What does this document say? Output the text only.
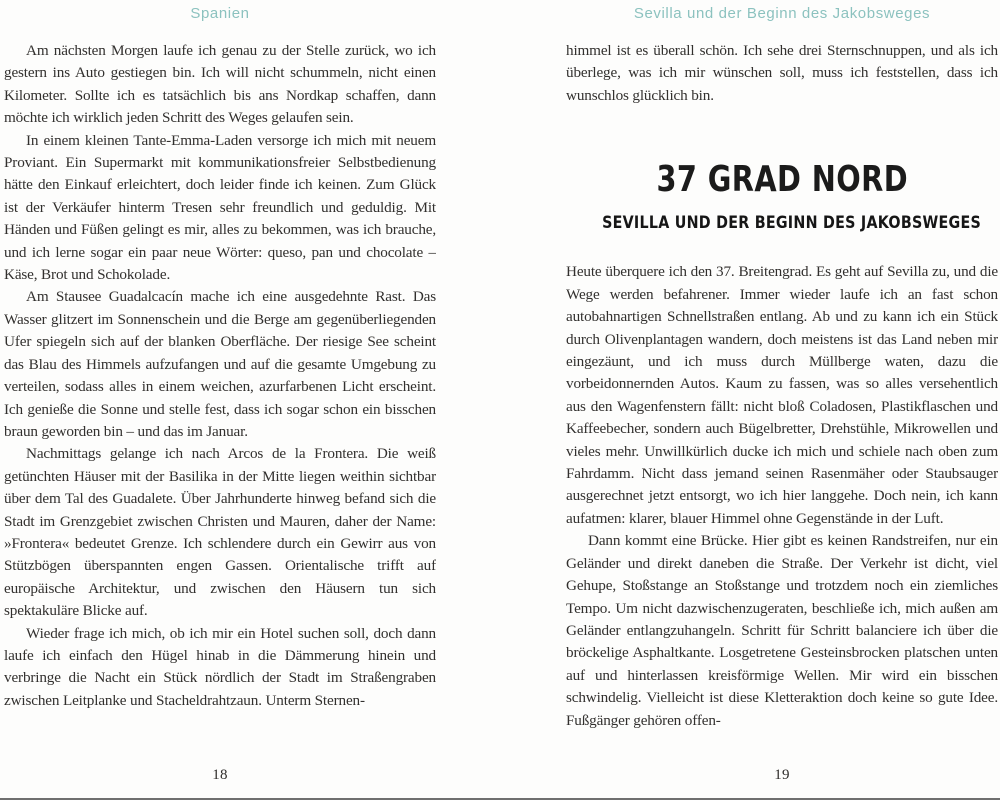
Spanien

Am nächsten Morgen laufe ich genau zu der Stelle zurück, wo ich gestern ins Auto gestiegen bin. Ich will nicht schummeln, nicht einen Kilometer. Sollte ich es tatsächlich bis ans Nordkap schaffen, dann möchte ich wirklich jeden Schritt des Weges gelaufen sein.

In einem kleinen Tante-Emma-Laden versorge ich mich mit neuem Proviant. Ein Supermarkt mit kommunikationsfreier Selbstbedienung hätte den Einkauf erleichtert, doch leider finde ich keinen. Zum Glück ist der Verkäufer hinterm Tresen sehr freundlich und geduldig. Mit Händen und Füßen gelingt es mir, alles zu bekommen, was ich brauche, und ich lerne sogar ein paar neue Wörter: queso, pan und chocolate – Käse, Brot und Schokolade.

Am Stausee Guadalcacín mache ich eine ausgedehnte Rast. Das Wasser glitzert im Sonnenschein und die Berge am gegenüberliegenden Ufer spiegeln sich auf der blanken Oberfläche. Der riesige See scheint das Blau des Himmels aufzufangen und auf die gesamte Umgebung zu verteilen, sodass alles in einem weichen, azurfarbenen Licht erscheint. Ich genieße die Sonne und stelle fest, dass ich sogar schon ein bisschen braun geworden bin – und das im Januar.

Nachmittags gelange ich nach Arcos de la Frontera. Die weiß getünchten Häuser mit der Basilika in der Mitte liegen weithin sichtbar über dem Tal des Guadalete. Über Jahrhunderte hinweg befand sich die Stadt im Grenzgebiet zwischen Christen und Mauren, daher der Name: »Frontera« bedeutet Grenze. Ich schlendere durch ein Gewirr aus von Stützbögen überspannten engen Gassen. Orientalische trifft auf europäische Architektur, und zwischen den Häusern tun sich spektakuläre Blicke auf.

Wieder frage ich mich, ob ich mir ein Hotel suchen soll, doch dann laufe ich einfach den Hügel hinab in die Dämmerung hinein und verbringe die Nacht ein Stück nördlich der Stadt im Straßengraben zwischen Leitplanke und Stacheldrahtzaun. Unterm Sternen-

18
Sevilla und der Beginn des Jakobsweges

himmel ist es überall schön. Ich sehe drei Sternschnuppen, und als ich überlege, was ich mir wünschen soll, muss ich feststellen, dass ich wunschlos glücklich bin.

37 GRAD NORD
SEVILLA UND DER BEGINN DES JAKOBSWEGES

Heute überquere ich den 37. Breitengrad. Es geht auf Sevilla zu, und die Wege werden befahrener. Immer wieder laufe ich an fast schon autobahnartigen Schnellstraßen entlang. Ab und zu kann ich ein Stück durch Olivenplantagen wandern, doch meistens ist das Land neben mir eingezäunt, und ich muss durch Müllberge waten, dazu die vorbeidonnernden Autos. Kaum zu fassen, was so alles versehentlich aus den Wagenfenstern fällt: nicht bloß Coladosen, Plastikflaschen und Kaffeebecher, sondern auch Bügelbretter, Drehstühle, Mikrowellen und vieles mehr. Unwillkürlich ducke ich mich und schiele nach oben zum Fahrdamm. Nicht dass jemand seinen Rasenmäher oder Staubsauger ausgerechnet jetzt entsorgt, wo ich hier langgehe. Doch nein, ich kann aufatmen: klarer, blauer Himmel ohne Gegenstände in der Luft.

Dann kommt eine Brücke. Hier gibt es keinen Randstreifen, nur ein Geländer und direkt daneben die Straße. Der Verkehr ist dicht, viel Gehupe, Stoßstange an Stoßstange und trotzdem noch ein ziemliches Tempo. Um nicht dazwischenzugeraten, beschließe ich, mich außen am Geländer entlangzuhangeln. Schritt für Schritt balanciere ich über die bröckelige Asphaltkante. Losgetretene Gesteinsbrocken platschen unten auf und hinterlassen kreisförmige Wellen. Mir wird ein bisschen schwindelig. Vielleicht ist diese Kletteraktion doch keine so gute Idee. Fußgänger gehören offen-

19
